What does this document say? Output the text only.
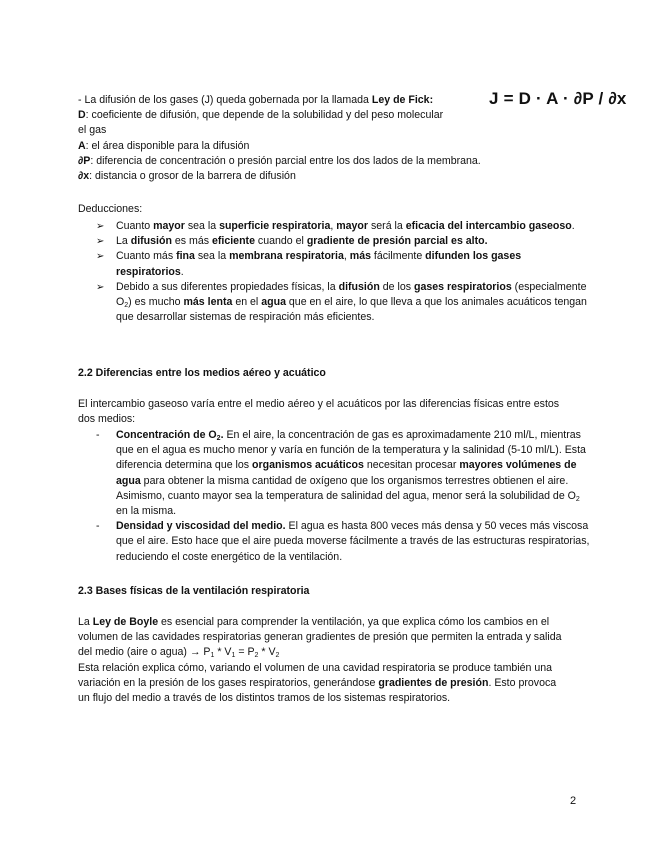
J = D · A · ∂P / ∂x

- La difusión de los gases (J) queda gobernada por la llamada Ley de Fick:

D: coeficiente de difusión, que depende de la solubilidad y del peso molecular el gas

A: el área disponible para la difusión

∂P: diferencia de concentración o presión parcial entre los dos lados de la membrana.

∂x: distancia o grosor de la barrera de difusión

Deducciones:

➢ Cuanto mayor sea la superficie respiratoria, mayor será la eficacia del intercambio gaseoso.
➢ La difusión es más eficiente cuando el gradiente de presión parcial es alto.
➢ Cuanto más fina sea la membrana respiratoria, más fácilmente difunden los gases respiratorios.
➢ Debido a sus diferentes propiedades físicas, la difusión de los gases respiratorios (especialmente $O_2$) es mucho más lenta en el agua que en el aire, lo que lleva a que los animales acuáticos tengan que desarrollar sistemas de respiración más eficientes.
2.2 Diferencias entre los medios aéreo y acuático

El intercambio gaseoso varía entre el medio aéreo y el acuáticos por las diferencias físicas entre estos dos medios:

- Concentración de $O_2$. En el aire, la concentración de gas es aproximadamente 210 ml/L, mientras que en el agua es mucho menor y varía en función de la temperatura y la salinidad (5-10 ml/L). Esta diferencia determina que los organismos acuáticos necesitan procesar mayores volúmenes de agua para obtener la misma cantidad de oxígeno que los organismos terrestres obtienen el aire. Asimismo, cuanto mayor sea la temperatura de salinidad del agua, menor será la solubilidad de $O_2$ en la misma.
- Densidad y viscosidad del medio. El agua es hasta 800 veces más densa y 50 veces más viscosa que el aire. Esto hace que el aire pueda moverse fácilmente a través de las estructuras respiratorias, reduciendo el coste energético de la ventilación.
2.3 Bases físicas de la ventilación respiratoria

La Ley de Boyle es esencial para comprender la ventilación, ya que explica cómo los cambios en el volumen de las cavidades respiratorias generan gradientes de presión que permiten la entrada y salida del medio (aire o agua) → $P_1 * V_1 = P_2 * V_2$

Esta relación explica cómo, variando el volumen de una cavidad respiratoria se produce también una variación en la presión de los gases respiratorios, generándose gradientes de presión. Esto provoca un flujo del medio a través de los distintos tramos de los sistemas respiratorios.

2
